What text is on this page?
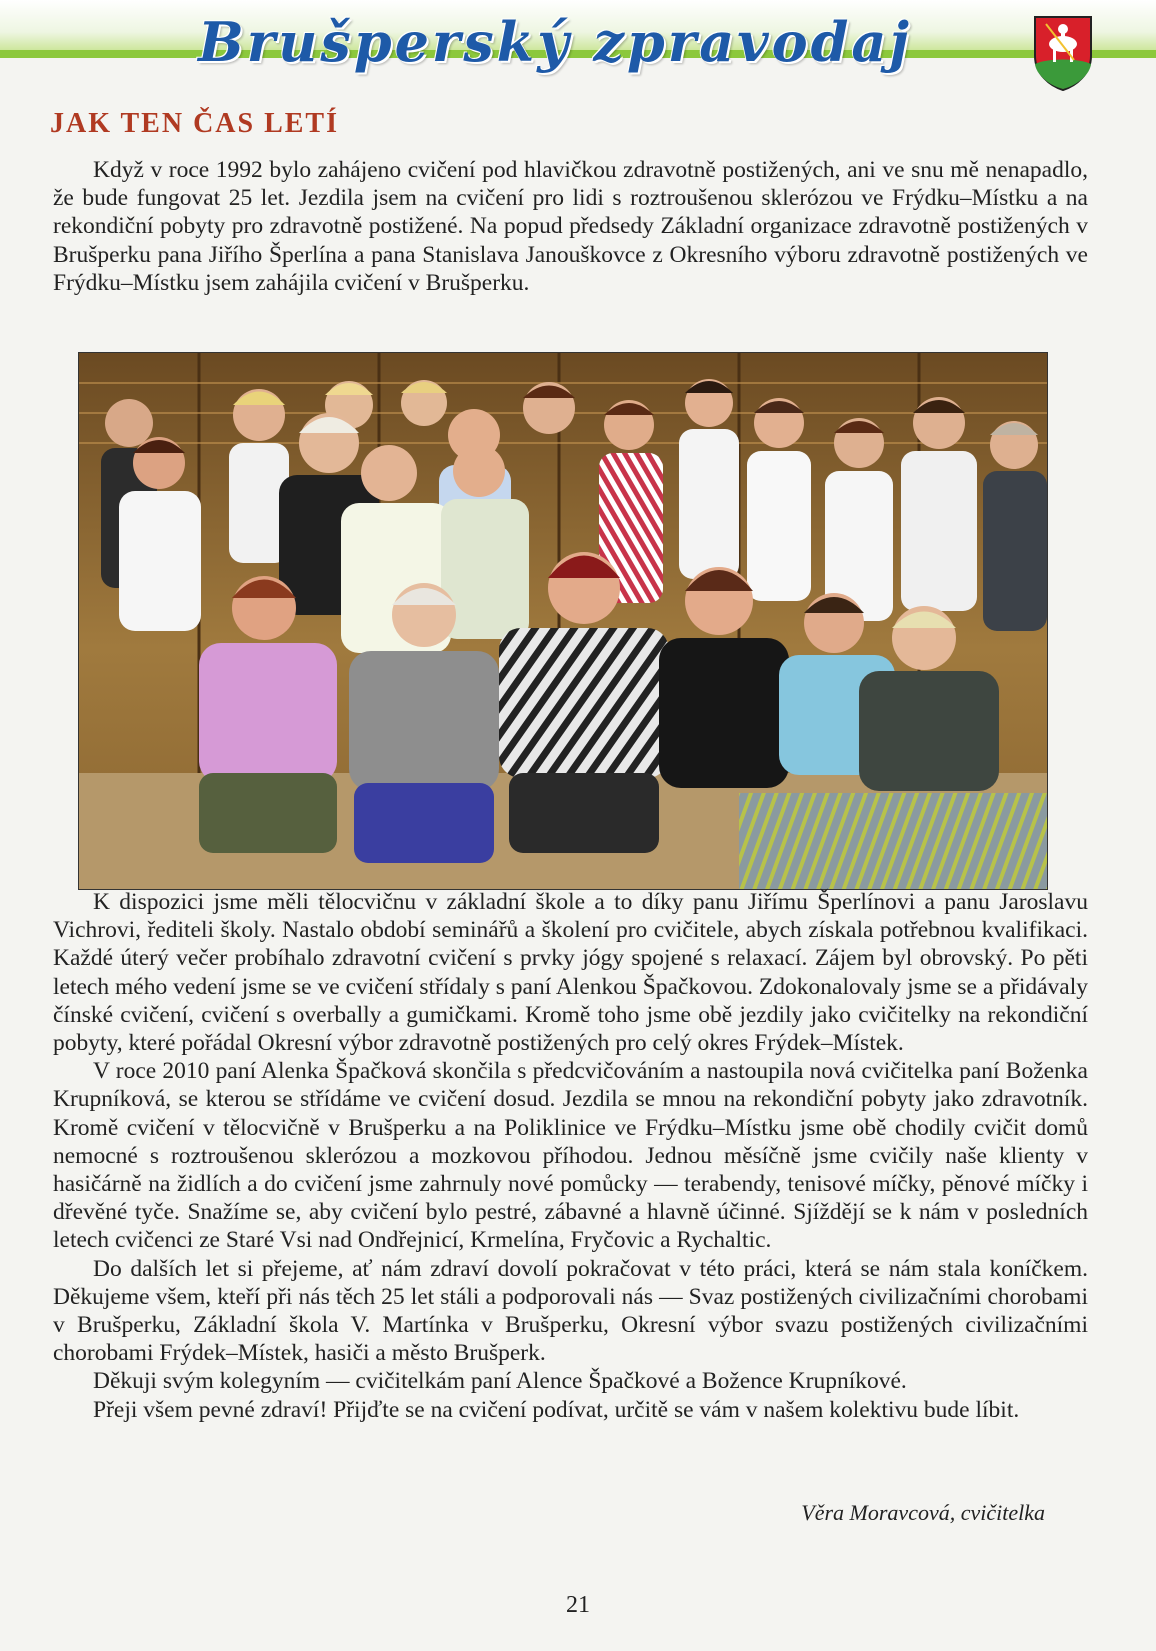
Brušperský zpravodaj
JAK TEN ČAS LETÍ

Když v roce 1992 bylo zahájeno cvičení pod hlavičkou zdravotně postižených, ani ve snu mě nenapadlo, že bude fungovat 25 let. Jezdila jsem na cvičení pro lidi s roztroušenou sklerózou ve Frýdku–Místku a na rekondiční pobyty pro zdravotně postižené. Na popud předsedy Základní organizace zdravotně postižených v Brušperku pana Jiřího Šperlína a pana Stanislava Janouškovce z Okresního výboru zdravotně postižených ve Frýdku–Místku jsem zahájila cvičení v Brušperku.

K dispozici jsme měli tělocvičnu v základní škole a to díky panu Jiřímu Šperlínovi a panu Jaroslavu Vichrovi, řediteli školy. Nastalo období seminářů a školení pro cvičitele, abych získala potřebnou kvalifikaci. Každé úterý večer probíhalo zdravotní cvičení s prvky jógy spojené s relaxací. Zájem byl obrovský. Po pěti letech mého vedení jsme se ve cvičení střídaly s paní Alenkou Špačkovou. Zdokonalovaly jsme se a přidávaly čínské cvičení, cvičení s overbally a gumičkami. Kromě toho jsme obě jezdily jako cvičitelky na rekondiční pobyty, které pořádal Okresní výbor zdravotně postižených pro celý okres Frýdek–Místek.

V roce 2010 paní Alenka Špačková skončila s předcvičováním a nastoupila nová cvičitelka paní Boženka Krupníková, se kterou se střídáme ve cvičení dosud. Jezdila se mnou na rekondiční pobyty jako zdravotník. Kromě cvičení v tělocvičně v Brušperku a na Poliklinice ve Frýdku–Místku jsme obě chodily cvičit domů nemocné s roztroušenou sklerózou a mozkovou příhodou. Jednou měsíčně jsme cvičily naše klienty v hasičárně na židlích a do cvičení jsme zahrnuly nové pomůcky — terabendy, tenisové míčky, pěnové míčky i dřevěné tyče. Snažíme se, aby cvičení bylo pestré, zábavné a hlavně účinné. Sjíždějí se k nám v posledních letech cvičenci ze Staré Vsi nad Ondřejnicí, Krmelína, Fryčovic a Rychaltic.

Do dalších let si přejeme, ať nám zdraví dovolí pokračovat v této práci, která se nám stala koníčkem. Děkujeme všem, kteří při nás těch 25 let stáli a podporovali nás — Svaz postižených civilizačními chorobami v Brušperku, Základní škola V. Martínka v Brušperku, Okresní výbor svazu postižených civilizačními chorobami Frýdek–Místek, hasiči a město Brušperk.

Děkuji svým kolegyním — cvičitelkám paní Alence Špačkové a Božence Krupníkové.

Přeji všem pevné zdraví! Přijďte se na cvičení podívat, určitě se vám v našem kolektivu bude líbit.

Věra Moravcová, cvičitelka
21
